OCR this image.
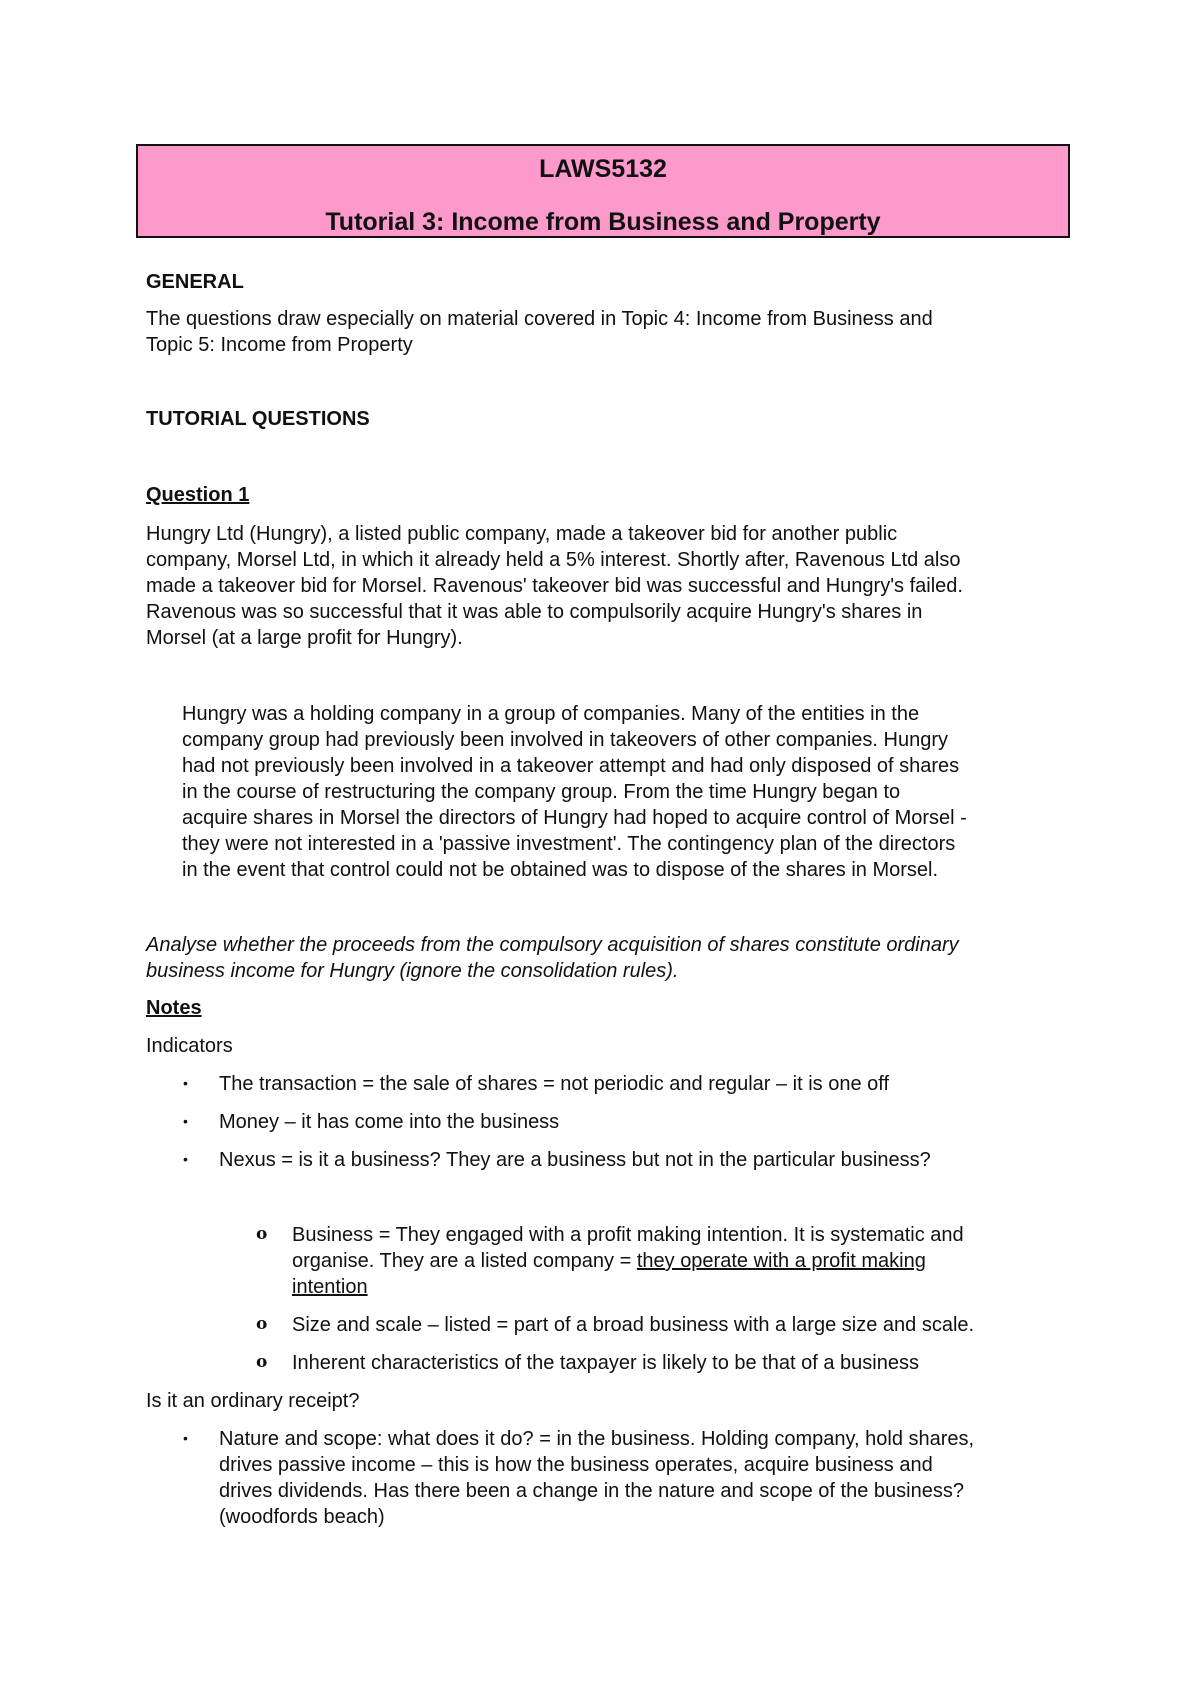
LAWS5132
Tutorial 3: Income from Business and Property
GENERAL
The questions draw especially on material covered in Topic 4: Income from Business and
Topic 5: Income from Property
TUTORIAL QUESTIONS
Question 1
Hungry Ltd (Hungry), a listed public company, made a takeover bid for another public
company, Morsel Ltd, in which it already held a 5% interest. Shortly after, Ravenous Ltd also
made a takeover bid for Morsel. Ravenous' takeover bid was successful and Hungry's failed.
Ravenous was so successful that it was able to compulsorily acquire Hungry's shares in
Morsel (at a large profit for Hungry).
Hungry was a holding company in a group of companies. Many of the entities in the
company group had previously been involved in takeovers of other companies. Hungry
had not previously been involved in a takeover attempt and had only disposed of shares
in the course of restructuring the company group. From the time Hungry began to
acquire shares in Morsel the directors of Hungry had hoped to acquire control of Morsel -
they were not interested in a 'passive investment'. The contingency plan of the directors
in the event that control could not be obtained was to dispose of the shares in Morsel.
Analyse whether the proceeds from the compulsory acquisition of shares constitute ordinary
business income for Hungry (ignore the consolidation rules).
Notes
Indicators
• The transaction = the sale of shares = not periodic and regular – it is one off
• Money – it has come into the business
• Nexus = is it a business? They are a business but not in the particular business?
o Business = They engaged with a profit making intention. It is systematic and
organise. They are a listed company = they operate with a profit making
intention
o Size and scale – listed = part of a broad business with a large size and scale.
o Inherent characteristics of the taxpayer is likely to be that of a business
Is it an ordinary receipt?
• Nature and scope: what does it do? = in the business. Holding company, hold shares,
drives passive income – this is how the business operates, acquire business and
drives dividends. Has there been a change in the nature and scope of the business?
(woodfords beach)
